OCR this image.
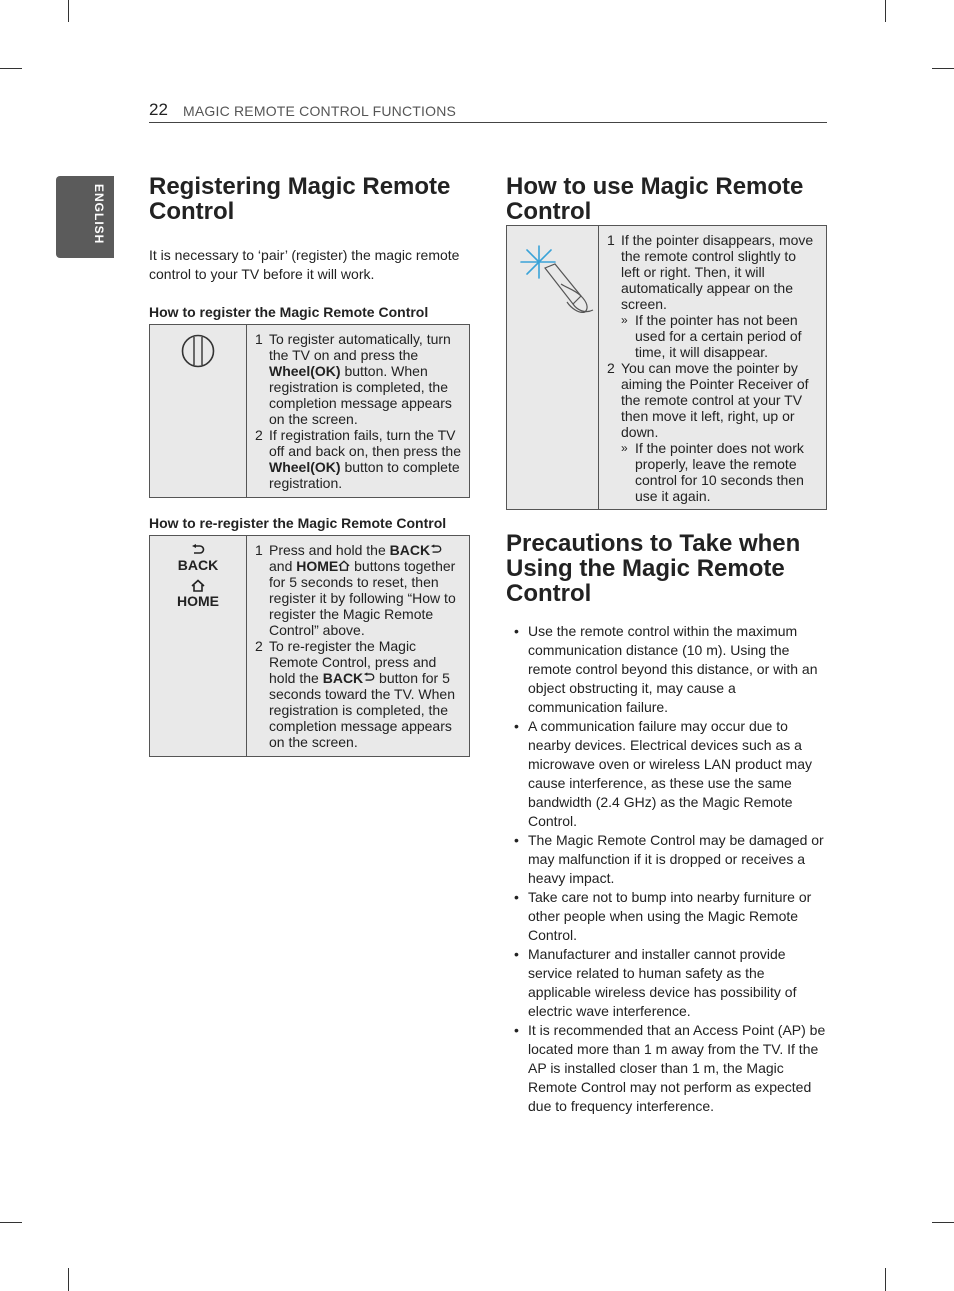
22 MAGIC REMOTE CONTROL FUNCTIONS
ENGLISH Registering Magic Remote Control

It is necessary to ‘pair’ (register) the magic remote control to your TV before it will work.

How to register the Magic Remote Control

1 To register automatically, turn the TV on and press the Wheel(OK) button. When registration is completed, the completion message appears on the screen.
2 If registration fails, turn the TV off and back on, then press the Wheel(OK) button to complete registration.

How to re-register the Magic Remote Control

BACK
HOME
1 Press and hold the BACK and HOME buttons together for 5 seconds to reset, then register it by following “How to register the Magic Remote Control” above.
2 To re-register the Magic Remote Control, press and hold the BACK button for 5 seconds toward the TV. When registration is completed, the completion message appears on the screen.
How to use Magic Remote Control
1 If the pointer disappears, move the remote control slightly to left or right. Then, it will automatically appear on the screen.
» If the pointer has not been used for a certain period of time, it will disappear.
2 You can move the pointer by aiming the Pointer Receiver of the remote control at your TV then move it left, right, up or down.
» If the pointer does not work properly, leave the remote control for 10 seconds then use it again.
Precautions to Take when Using the Magic Remote Control
• Use the remote control within the maximum communication distance (10 m). Using the remote control beyond this distance, or with an object obstructing it, may cause a communication failure.
• A communication failure may occur due to nearby devices. Electrical devices such as a microwave oven or wireless LAN product may cause interference, as these use the same bandwidth (2.4 GHz) as the Magic Remote Control.
• The Magic Remote Control may be damaged or may malfunction if it is dropped or receives a heavy impact.
• Take care not to bump into nearby furniture or other people when using the Magic Remote Control.
• Manufacturer and installer cannot provide service related to human safety as the applicable wireless device has possibility of electric wave interference.
• It is recommended that an Access Point (AP) be located more than 1 m away from the TV. If the AP is installed closer than 1 m, the Magic Remote Control may not perform as expected due to frequency interference.
